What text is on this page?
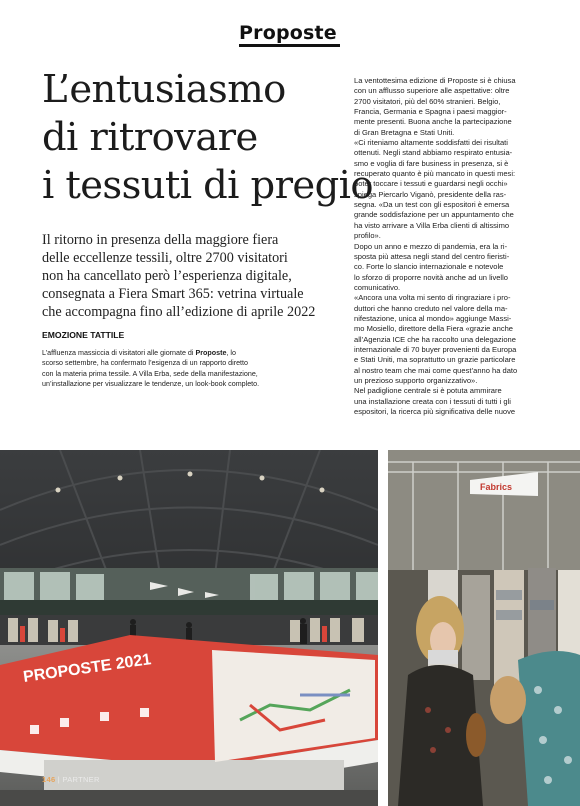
Proposte
L’entusiasmo
di ritrovare
i tessuti di pregio
Il ritorno in presenza della maggiore fiera
delle eccellenze tessili, oltre 2700 visitatori
non ha cancellato però l’esperienza digitale,
consegnata a Fiera Smart 365: vetrina virtuale
che accompagna fino all’edizione di aprile 2022
EMOZIONE TATTILE
L’affluenza massiccia di visitatori alle giornate di Proposte, lo
scorso settembre, ha confermato l’esigenza di un rapporto diretto
con la materia prima tessile. A Villa Erba, sede della manifestazione,
un’installazione per visualizzare le tendenze, un look-book completo.
La ventottesima edizione di Proposte si è chiusa
con un afflusso superiore alle aspettative: oltre
2700 visitatori, più del 60% stranieri. Belgio,
Francia, Germania e Spagna i paesi maggior-
mente presenti. Buona anche la partecipazione
di Gran Bretagna e Stati Uniti.
«Ci riteniamo altamente soddisfatti dei risultati
ottenuti. Negli stand abbiamo respirato entusia-
smo e voglia di fare business in presenza, si è
recuperato quanto è più mancato in questi mesi:
poter toccare i tessuti e guardarsi negli occhi»
spiega Piercarlo Viganò, presidente della ras-
segna. «Da un test con gli espositori è emersa
grande soddisfazione per un appuntamento che
ha visto arrivare a Villa Erba clienti di altissimo
profilo».
Dopo un anno e mezzo di pandemia, era la ri-
sposta più attesa negli stand del centro fieristi-
co. Forte lo slancio internazionale e notevole
lo sforzo di proporre novità anche ad un livello
comunicativo.
«Ancora una volta mi sento di ringraziare i pro-
duttori che hanno creduto nel valore della ma-
nifestazione, unica al mondo» aggiunge Massi-
mo Mosiello, direttore della Fiera «grazie anche
all’Agenzia ICE che ha raccolto una delegazione
internazionale di 70 buyer provenienti da Europa
e Stati Uniti, ma soprattutto un grazie particolare
al nostro team che mai come quest’anno ha dato
un prezioso supporto organizzativo».
Nel padiglione centrale si è potuta ammirare
una installazione creata con i tessuti di tutti i gli
espositori, la ricerca più significativa delle nuove
PROPOSTE 2021
Fabrics
146 | PARTNER
